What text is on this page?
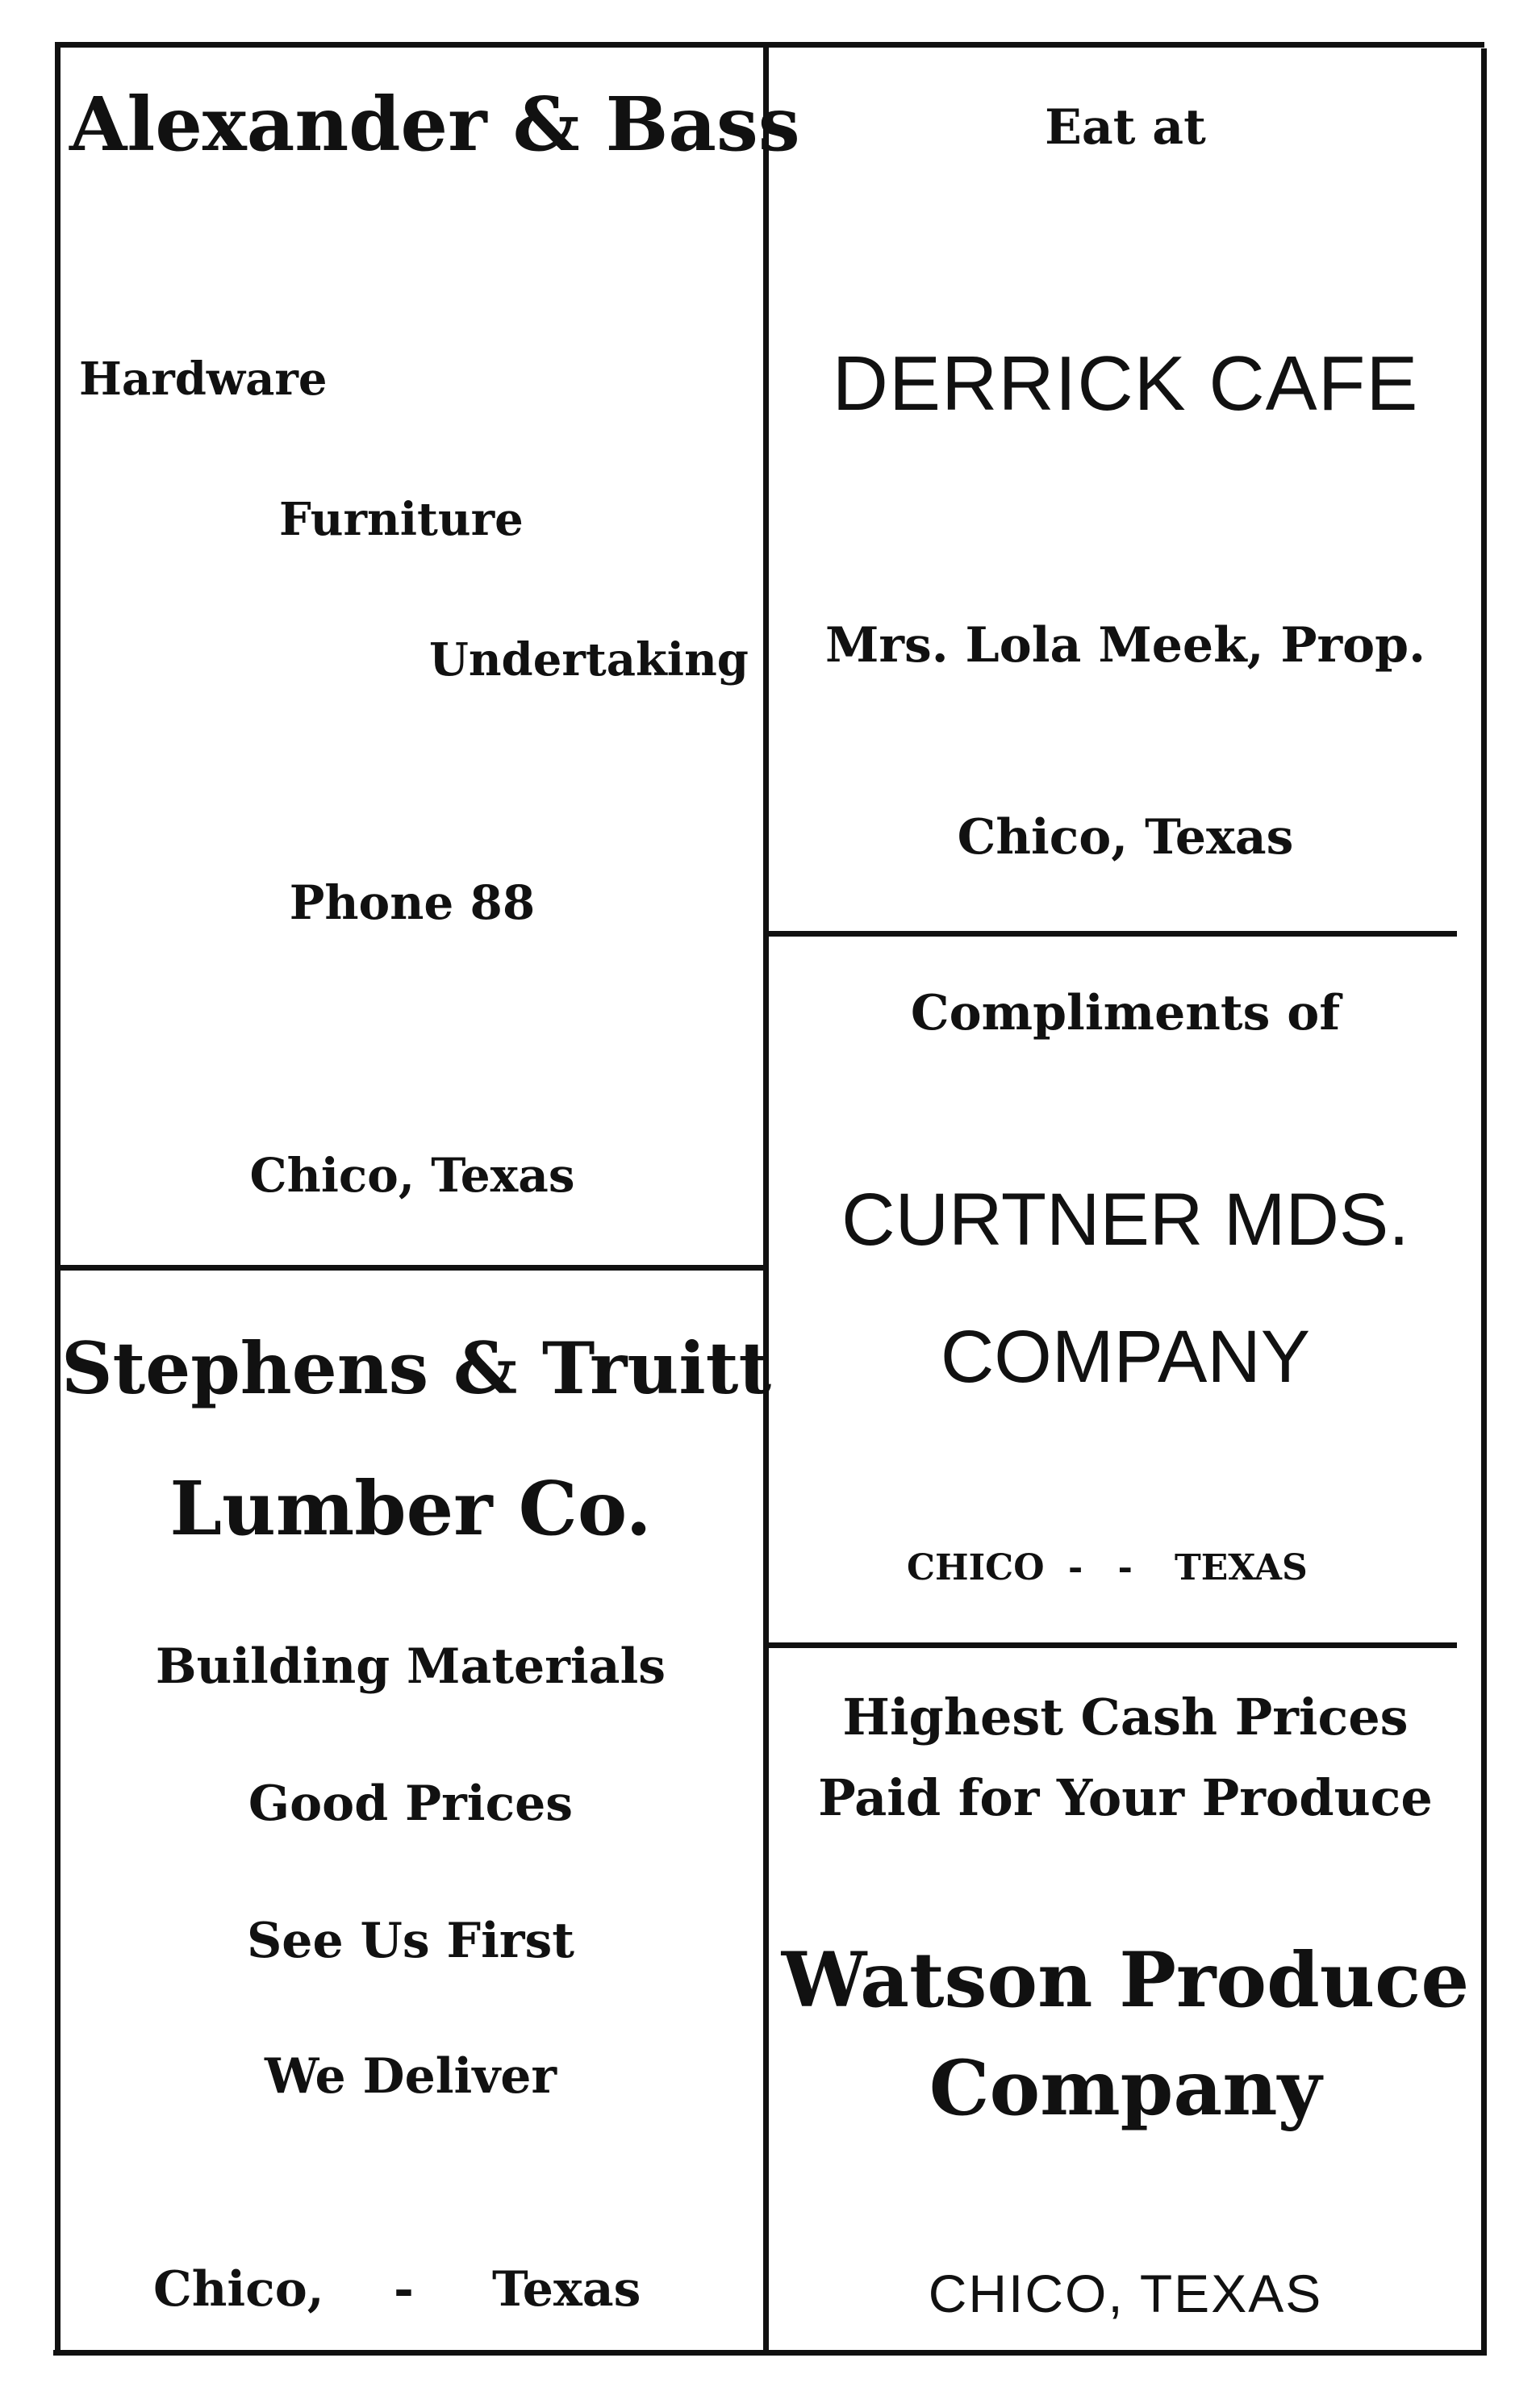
Alexander & Bass
Hardware
Furniture
Undertaking
Phone 88
Chico, Texas
Stephens & Truitt
Lumber Co.
Building Materials
Good Prices
See Us First
We Deliver
Chico, - Texas
Eat at
DERRICK CAFE
Mrs. Lola Meek, Prop.
Chico, Texas
Compliments of
CURTNER MDS.
COMPANY
CHICO - - TEXAS
Highest Cash Prices
Paid for Your Produce
Watson Produce
Company
CHICO, TEXAS
